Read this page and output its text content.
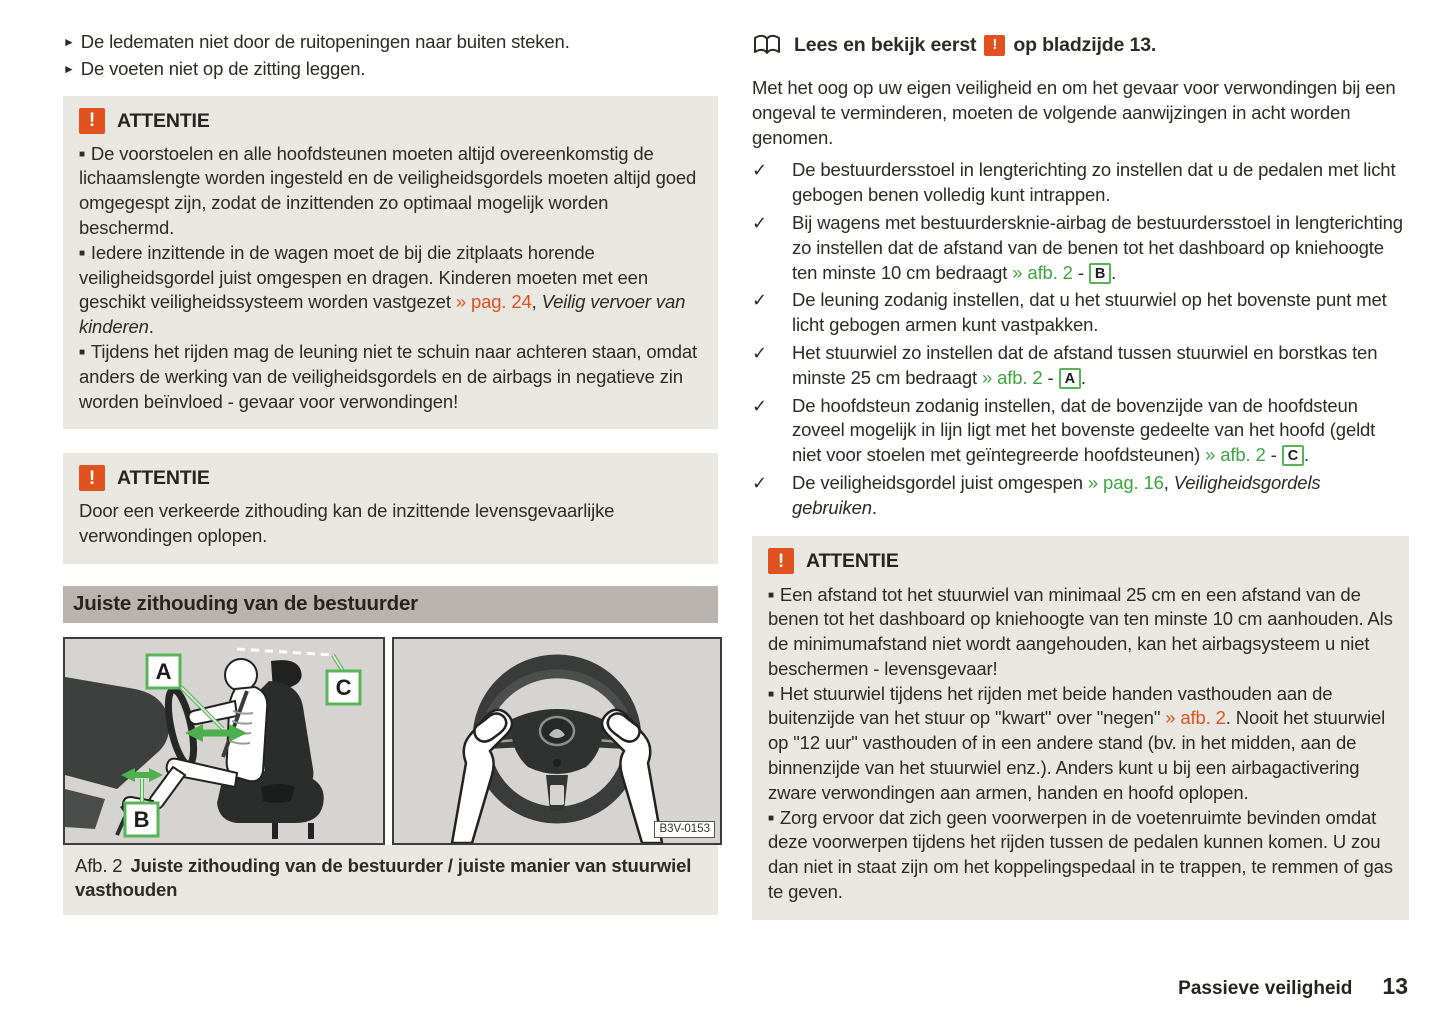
► De ledematen niet door de ruitopeningen naar buiten steken.
► De voeten niet op de zitting leggen.
!	ATTENTIE

■ De voorstoelen en alle hoofdsteunen moeten altijd overeenkomstig de lichaamslengte worden ingesteld en de veiligheidsgordels moeten altijd goed omgegespt zijn, zodat de inzittenden zo optimaal mogelijk worden beschermd.

■ Iedere inzittende in de wagen moet de bij die zitplaats horende veiligheidsgordel juist omgespen en dragen. Kinderen moeten met een geschikt veiligheidssysteem worden vastgezet » pag. 24, Veilig vervoer van kinderen.

■ Tijdens het rijden mag de leuning niet te schuin naar achteren staan, omdat anders de werking van de veiligheidsgordels en de airbags in negatieve zin worden beïnvloed - gevaar voor verwondingen!

!	ATTENTIE

Door een verkeerde zithouding kan de inzittende levensgevaarlijke verwondingen oplopen.

Juiste zithouding van de bestuurder
A
C
B	B3V-0153
Afb. 2 Juiste zithouding van de bestuurder / juiste manier van stuurwiel vasthouden
Lees en bekijk eerst	! op bladzijde 13.

Met het oog op uw eigen veiligheid en om het gevaar voor verwondingen bij een ongeval te verminderen, moeten de volgende aanwijzingen in acht worden genomen.

✓	De bestuurdersstoel in lengterichting zo instellen dat u de pedalen met licht gebogen benen volledig kunt intrappen.
✓	Bij wagens met bestuurdersknie-airbag de bestuurdersstoel in lengterichting zo instellen dat de afstand van de benen tot het dashboard op kniehoogte ten minste 10 cm bedraagt » afb. 2 - B .
✓	De leuning zodanig instellen, dat u het stuurwiel op het bovenste punt met licht gebogen armen kunt vastpakken.
✓	Het stuurwiel zo instellen dat de afstand tussen stuurwiel en borstkas ten minste 25 cm bedraagt » afb. 2 - A .
✓	De hoofdsteun zodanig instellen, dat de bovenzijde van de hoofdsteun zoveel mogelijk in lijn ligt met het bovenste gedeelte van het hoofd (geldt niet voor stoelen met geïntegreerde hoofdsteunen) » afb. 2 - C .
✓	De veiligheidsgordel juist omgespen » pag. 16, Veiligheidsgordels gebruiken.
!	ATTENTIE

■ Een afstand tot het stuurwiel van minimaal 25 cm en een afstand van de benen tot het dashboard op kniehoogte van ten minste 10 cm aanhouden. Als de minimumafstand niet wordt aangehouden, kan het airbagsysteem u niet beschermen - levensgevaar!

■ Het stuurwiel tijdens het rijden met beide handen vasthouden aan de buitenzijde van het stuur op "kwart" over "negen" » afb. 2. Nooit het stuurwiel op "12 uur" vasthouden of in een andere stand (bv. in het midden, aan de binnenzijde van het stuurwiel enz.). Anders kunt u bij een airbagactivering zware verwondingen aan armen, handen en hoofd oplopen.

■ Zorg ervoor dat zich geen voorwerpen in de voetenruimte bevinden omdat deze voorwerpen tijdens het rijden tussen de pedalen kunnen komen. U zou dan niet in staat zijn om het koppelingspedaal in te trappen, te remmen of gas te geven.

Passieve veiligheid 13
